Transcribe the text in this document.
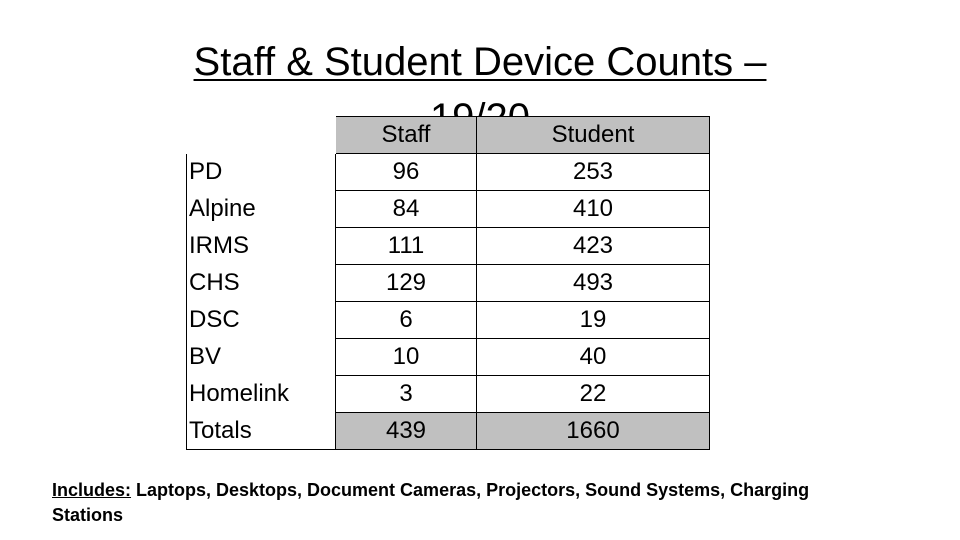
Staff & Student Device Counts –
	Staff	Student
PD	96	253
Alpine	84	410
IRMS	111	423
CHS	129	493
DSC	6	19
BV	10	40
Homelink	3	22
Totals	439	1660
Includes: Laptops, Desktops, Document Cameras, Projectors, Sound Systems, Charging Stations
